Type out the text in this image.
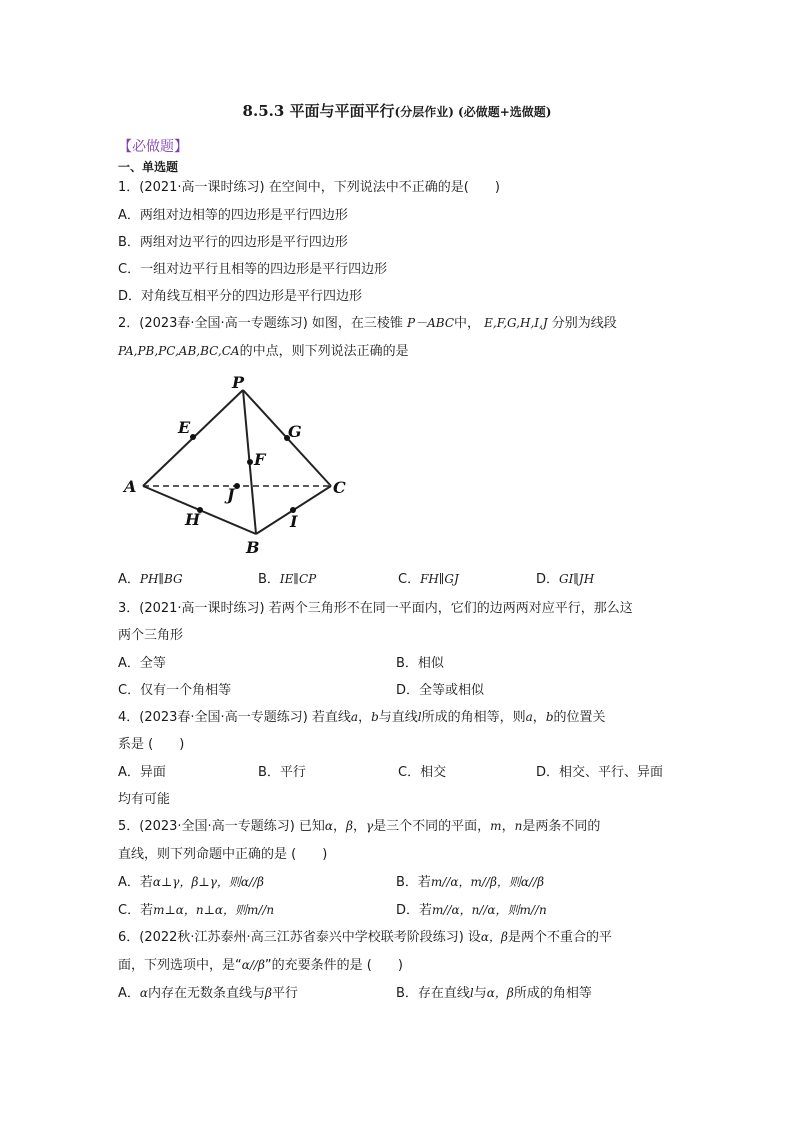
8.5.3 平面与平面平行(分层作业) (必做题+选做题)
【必做题】
一、单选题
1．(2021·高一课时练习) 在空间中，下列说法中不正确的是(　　)
A．两组对边相等的四边形是平行四边形
B．两组对边平行的四边形是平行四边形
C．一组对边平行且相等的四边形是平行四边形
D．对角线互相平分的四边形是平行四边形
2．(2023春·全国·高一专题练习) 如图，在三棱锥 P－ABC中， E,F,G,H,I,J 分别为线段
PA,PB,PC,AB,BC,CA的中点，则下列说法正确的是
P
A
B
C
E
F
G
H	I
J
A．PH∥BG	B．IE∥CP	C．FH∥GJ	D．GI∥JH
3．(2021·高一课时练习) 若两个三角形不在同一平面内，它们的边两两对应平行，那么这
两个三角形
A．全等	B．相似
C．仅有一个角相等	D．全等或相似
4．(2023春·全国·高一专题练习) 若直线a，b与直线l所成的角相等，则a，b的位置关
系是 (　　)
A．异面	B．平行	C．相交	D．相交、平行、异面
均有可能
5．(2023·全国·高一专题练习) 已知α，β，γ是三个不同的平面，m，n是两条不同的
直线，则下列命题中正确的是 (　　)
A．若α⊥γ，β⊥γ，则α//β	B．若m//α，m//β，则α//β
C．若m⊥α，n⊥α，则m//n	D．若m//α，n//α，则m//n
6．(2022秋·江苏泰州·高三江苏省泰兴中学校联考阶段练习) 设α，β是两个不重合的平
面，下列选项中，是“α//β”的充要条件的是 (　　)
A．α内存在无数条直线与β平行	B．存在直线l与α，β所成的角相等
